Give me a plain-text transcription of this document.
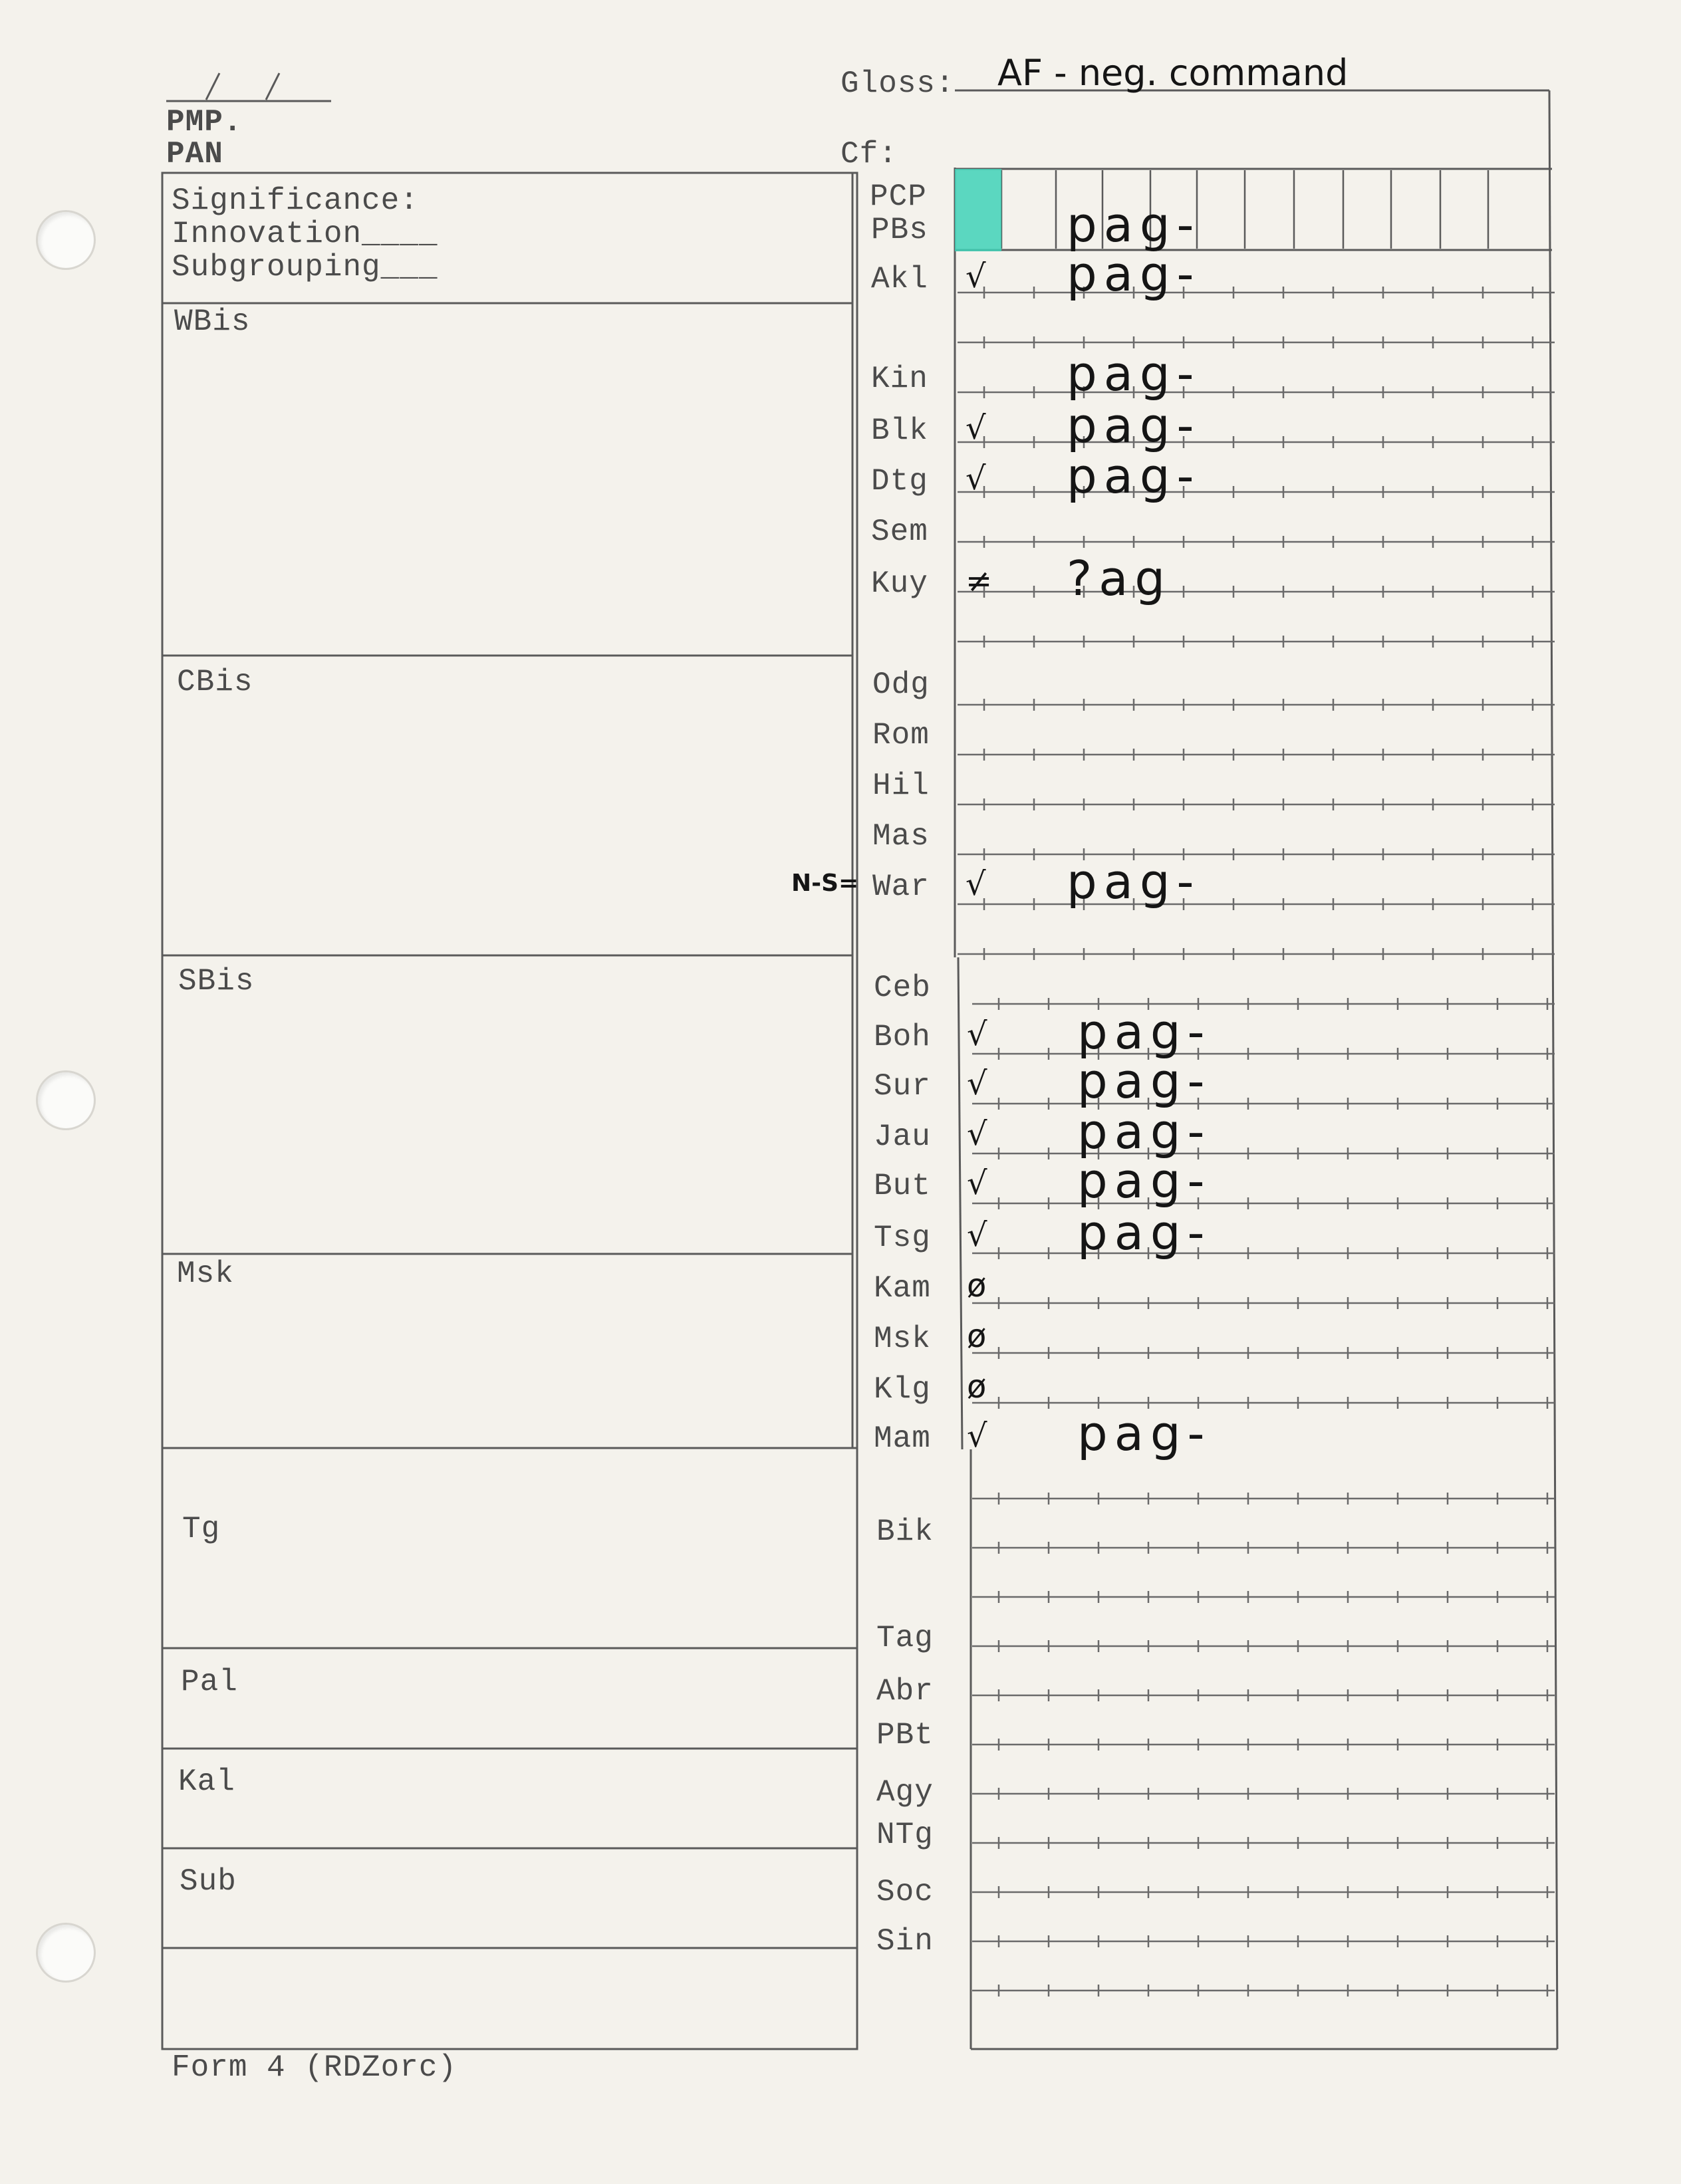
PMP.
PAN
Gloss: AF - neg. command
Cf:
Significance:
Innovation____
Subgrouping___
WBis
CBis
SBis
Msk
Tg
Pal
Kal
Sub
PCP
N-S=
PBs	pag-
Akl √ pag-
Kin	pag-
Blk √ pag-
Dtg √ pag-
Sem
Kuy ≠ ?ag
Odg
Rom
Hil
Mas
War √ pag-
Ceb
Boh √ pag-
Sur √ pag-
Jau √ pag-
But √ pag-
Tsg √ pag-
Kam ø
Msk ø
Klg ø
Mam √ pag-
Bik
Tag
Abr
PBt
Agy
NTg
Soc
Sin
Form 4 (RDZorc)
